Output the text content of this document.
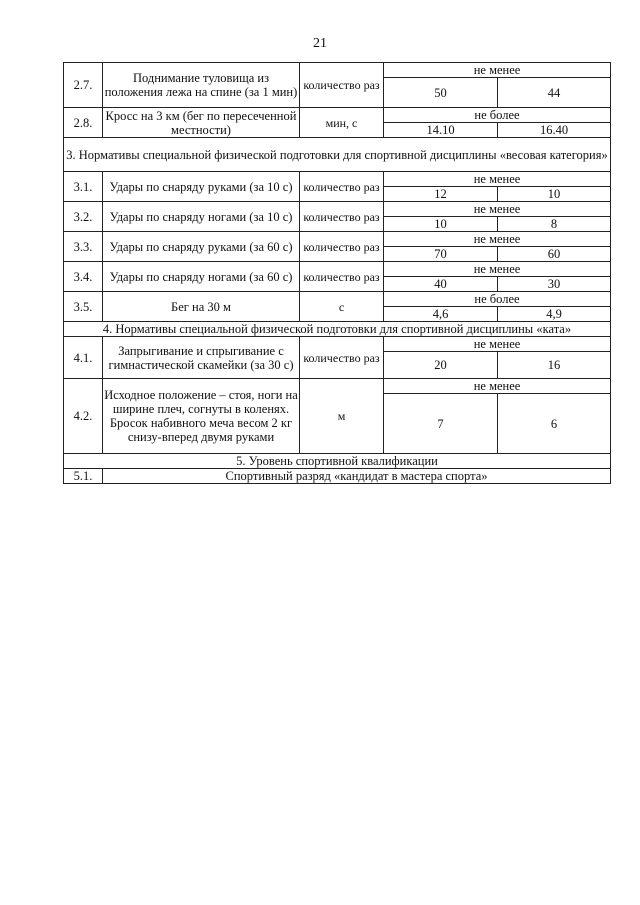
21
2.7.	Поднимание туловища из положения лежа на спине (за 1 мин)	количество раз	не менее	
			50	44
2.8.	Кросс на 3 км (бег по пересеченной местности)	мин, с	не более	
			14.10	16.40
3. Нормативы специальной физической подготовки для спортивной дисциплины «весовая категория»				
3.1.	Удары по снаряду руками (за 10 с)	количество раз	не менее	
			12	10
3.2.	Удары по снаряду ногами (за 10 с)	количество раз	не менее	
			10	8
3.3.	Удары по снаряду руками (за 60 с)	количество раз	не менее	
			70	60
3.4.	Удары по снаряду ногами (за 60 с)	количество раз	не менее	
			40	30
3.5.	Бег на 30 м	с	не более	
			4,6	4,9
4. Нормативы специальной физической подготовки для спортивной дисциплины «ката»				
4.1.	Запрыгивание и спрыгивание с гимнастической скамейки (за 30 с)	количество раз	не менее	
			20	16
4.2.	Исходное положение – стоя, ноги на ширине плеч, согнуты в коленях. Бросок набивного меча весом 2 кг снизу-вперед двумя руками	м	не менее	
			7	6
5. Уровень спортивной квалификации				
5.1.	Спортивный разряд «кандидат в мастера спорта»			
